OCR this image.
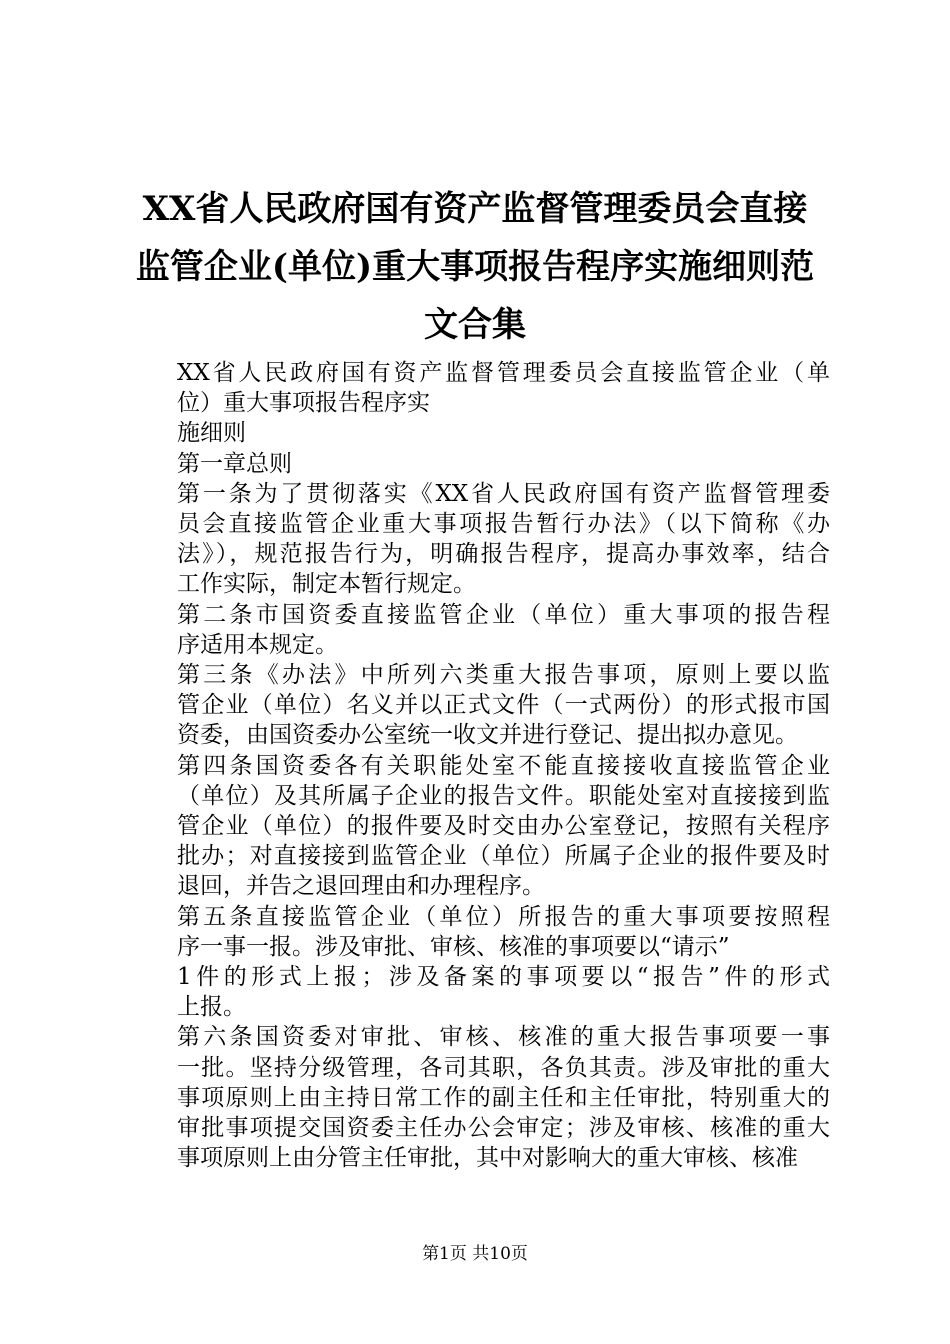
XX省人民政府国有资产监督管理委员会直接
监管企业(单位)重大事项报告程序实施细则范
文合集

XX省人民政府国有资产监督管理委员会直接监管企业（单
位）重大事项报告程序实

施细则

第一章总则

第一条为了贯彻落实《XX省人民政府国有资产监督管理委
员会直接监管企业重大事项报告暂行办法》（以下简称《办
法》），规范报告行为，明确报告程序，提高办事效率，结合
工作实际，制定本暂行规定。

第二条市国资委直接监管企业（单位）重大事项的报告程
序适用本规定。

第三条《办法》中所列六类重大报告事项，原则上要以监
管企业（单位）名义并以正式文件（一式两份）的形式报市国
资委，由国资委办公室统一收文并进行登记、提出拟办意见。

第四条国资委各有关职能处室不能直接接收直接监管企业
（单位）及其所属子企业的报告文件。职能处室对直接接到监
管企业（单位）的报件要及时交由办公室登记，按照有关程序
批办；对直接接到监管企业（单位）所属子企业的报件要及时
退回，并告之退回理由和办理程序。

第五条直接监管企业（单位）所报告的重大事项要按照程
序一事一报。涉及审批、审核、核准的事项要以“请示”

1件的形式上报；涉及备案的事项要以“报告”件的形式
上报。

第六条国资委对审批、审核、核准的重大报告事项要一事
一批。坚持分级管理，各司其职，各负其责。涉及审批的重大
事项原则上由主持日常工作的副主任和主任审批，特别重大的
审批事项提交国资委主任办公会审定；涉及审核、核准的重大
事项原则上由分管主任审批，其中对影响大的重大审核、核准

第1页 共10页
